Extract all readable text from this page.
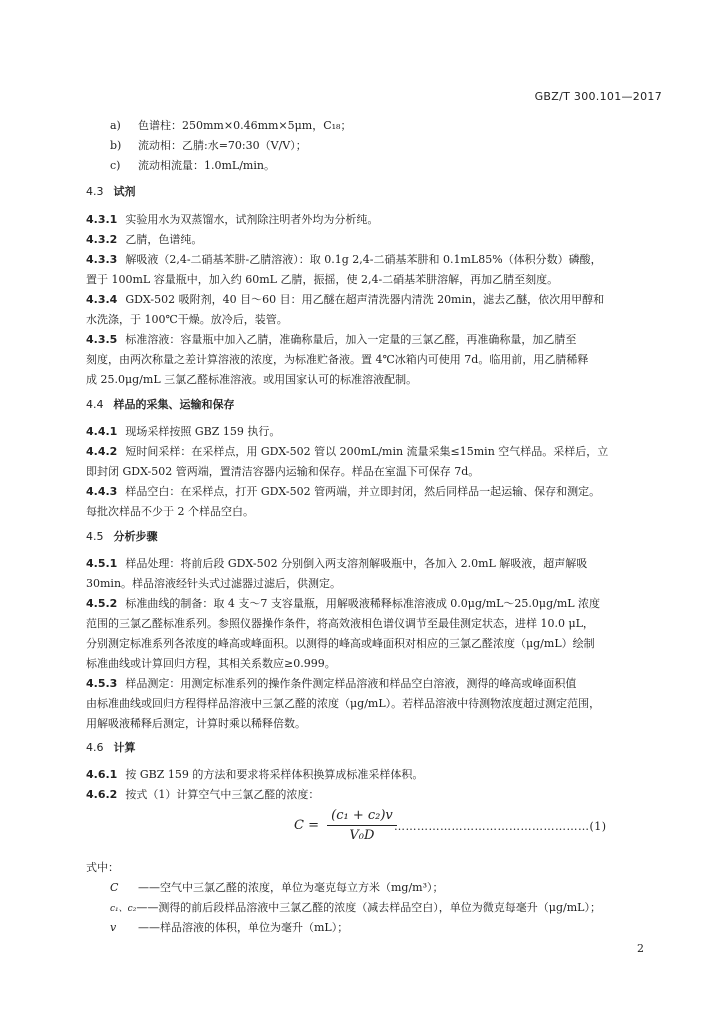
GBZ/T 300.101—2017
a) 色谱柱：250mm×0.46mm×5μm，C₁₈；
b) 流动相：乙腈:水=70:30（V/V）；
c) 流动相流量：1.0mL/min。
4.3 试剂
4.3.1 实验用水为双蒸馏水，试剂除注明者外均为分析纯。
4.3.2 乙腈，色谱纯。
4.3.3 解吸液（2,4-二硝基苯肼-乙腈溶液）：取 0.1g 2,4-二硝基苯肼和 0.1mL85%（体积分数）磷酸，
置于 100mL 容量瓶中，加入约 60mL 乙腈，振摇，使 2,4-二硝基苯肼溶解，再加乙腈至刻度。
4.3.4 GDX-502 吸附剂，40 目～60 目：用乙醚在超声清洗器内清洗 20min，滤去乙醚，依次用甲醇和
水洗涤，于 100℃干燥。放冷后，装管。
4.3.5 标准溶液：容量瓶中加入乙腈，准确称量后，加入一定量的三氯乙醛，再准确称量，加乙腈至
刻度，由两次称量之差计算溶液的浓度，为标准贮备液。置 4℃冰箱内可使用 7d。临用前，用乙腈稀释
成 25.0μg/mL 三氯乙醛标准溶液。或用国家认可的标准溶液配制。
4.4 样品的采集、运输和保存
4.4.1 现场采样按照 GBZ 159 执行。
4.4.2 短时间采样：在采样点，用 GDX-502 管以 200mL/min 流量采集≤15min 空气样品。采样后，立
即封闭 GDX-502 管两端，置清洁容器内运输和保存。样品在室温下可保存 7d。
4.4.3 样品空白：在采样点，打开 GDX-502 管两端，并立即封闭，然后同样品一起运输、保存和测定。
每批次样品不少于 2 个样品空白。
4.5 分析步骤
4.5.1 样品处理：将前后段 GDX-502 分别倒入两支溶剂解吸瓶中，各加入 2.0mL 解吸液，超声解吸
30min。样品溶液经针头式过滤器过滤后，供测定。
4.5.2 标准曲线的制备：取 4 支～7 支容量瓶，用解吸液稀释标准溶液成 0.0μg/mL～25.0μg/mL 浓度
范围的三氯乙醛标准系列。参照仪器操作条件，将高效液相色谱仪调节至最佳测定状态，进样 10.0 μL，
分别测定标准系列各浓度的峰高或峰面积。以测得的峰高或峰面积对相应的三氯乙醛浓度（μg/mL）绘制
标准曲线或计算回归方程，其相关系数应≥0.999。
4.5.3 样品测定：用测定标准系列的操作条件测定样品溶液和样品空白溶液，测得的峰高或峰面积值
由标准曲线或回归方程得样品溶液中三氯乙醛的浓度（μg/mL）。若样品溶液中待测物浓度超过测定范围，
用解吸液稀释后测定，计算时乘以稀释倍数。
4.6 计算
4.6.1 按 GBZ 159 的方法和要求将采样体积换算成标准采样体积。
4.6.2 按式（1）计算空气中三氯乙醛的浓度：
$C = \frac{\text{(c₁ + c₂)v}}{\text{V₀D}}$
……………………………………………(1)
式中：
C ——空气中三氯乙醛的浓度，单位为毫克每立方米（mg/m³）；
c₁、c₂——测得的前后段样品溶液中三氯乙醛的浓度（减去样品空白），单位为微克每毫升（μg/mL）；
v ——样品溶液的体积，单位为毫升（mL）；
2
